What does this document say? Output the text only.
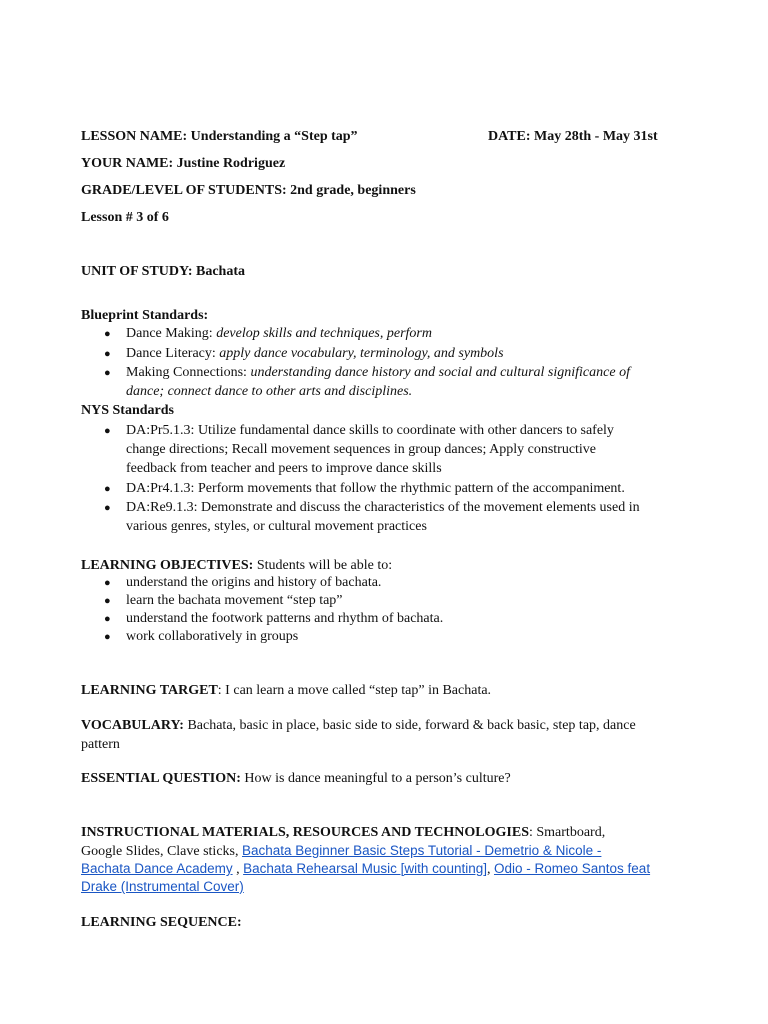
LESSON NAME: Understanding a “Step tap”	DATE: May 28th - May 31st
YOUR NAME: Justine Rodriguez
GRADE/LEVEL OF STUDENTS: 2nd grade, beginners
Lesson # 3 of 6
UNIT OF STUDY: Bachata
Blueprint Standards:
● Dance Making: develop skills and techniques, perform
● Dance Literacy: apply dance vocabulary, terminology, and symbols
● Making Connections: understanding dance history and social and cultural significance of
dance; connect dance to other arts and disciplines.
NYS Standards
● DA:Pr5.1.3: Utilize fundamental dance skills to coordinate with other dancers to safely
change directions; Recall movement sequences in group dances; Apply constructive
feedback from teacher and peers to improve dance skills
● DA:Pr4.1.3: Perform movements that follow the rhythmic pattern of the accompaniment.
● DA:Re9.1.3: Demonstrate and discuss the characteristics of the movement elements used in
various genres, styles, or cultural movement practices
LEARNING OBJECTIVES: Students will be able to:
● understand the origins and history of bachata.
● learn the bachata movement “step tap”
● understand the footwork patterns and rhythm of bachata.
● work collaboratively in groups
LEARNING TARGET: I can learn a move called “step tap” in Bachata.
VOCABULARY: Bachata, basic in place, basic side to side, forward & back basic, step tap, dance
pattern
ESSENTIAL QUESTION: How is dance meaningful to a person’s culture?
INSTRUCTIONAL MATERIALS, RESOURCES AND TECHNOLOGIES: Smartboard,
Google Slides, Clave sticks, Bachata Beginner Basic Steps Tutorial - Demetrio & Nicole -
Bachata Dance Academy , Bachata Rehearsal Music [with counting], Odio - Romeo Santos feat
Drake (Instrumental Cover)
LEARNING SEQUENCE:
